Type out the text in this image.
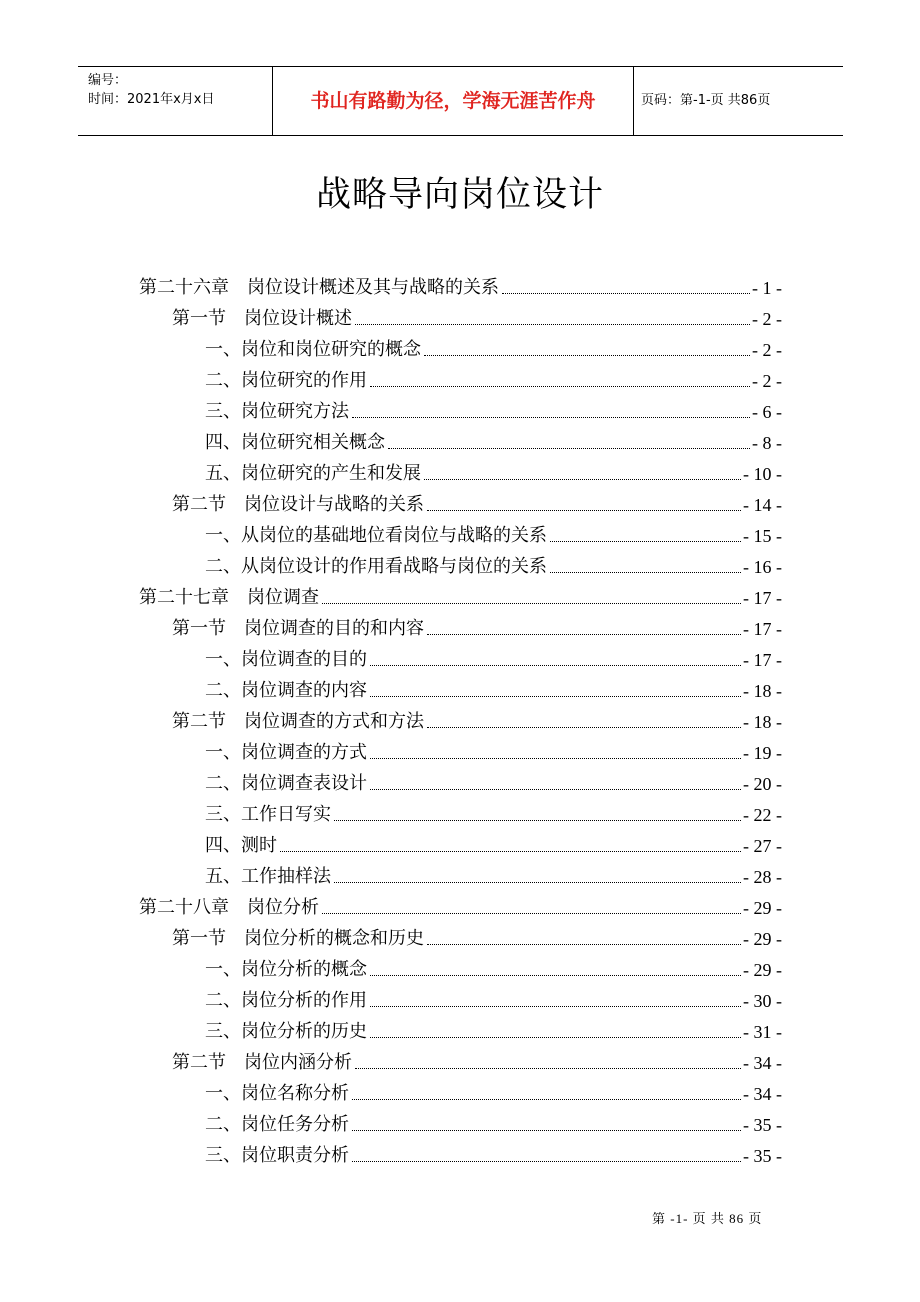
编号：
时间：2021年x月x日	书山有路勤为径，学海无涯苦作舟	页码：第-1-页 共86页
战略导向岗位设计
第二十六章　岗位设计概述及其与战略的关系	- 1 -
第一节　岗位设计概述	- 2 -
一、岗位和岗位研究的概念	- 2 -
二、岗位研究的作用	- 2 -
三、岗位研究方法	- 6 -
四、岗位研究相关概念	- 8 -
五、岗位研究的产生和发展	- 10 -
第二节　岗位设计与战略的关系	- 14 -
一、从岗位的基础地位看岗位与战略的关系	- 15 -
二、从岗位设计的作用看战略与岗位的关系	- 16 -
第二十七章　岗位调查	- 17 -
第一节　岗位调查的目的和内容	- 17 -
一、岗位调查的目的	- 17 -
二、岗位调查的内容	- 18 -
第二节　岗位调查的方式和方法	- 18 -
一、岗位调查的方式	- 19 -
二、岗位调查表设计	- 20 -
三、工作日写实	- 22 -
四、测时	- 27 -
五、工作抽样法	- 28 -
第二十八章　岗位分析	- 29 -
第一节　岗位分析的概念和历史	- 29 -
一、岗位分析的概念	- 29 -
二、岗位分析的作用	- 30 -
三、岗位分析的历史	- 31 -
第二节　岗位内涵分析	- 34 -
一、岗位名称分析	- 34 -
二、岗位任务分析	- 35 -
三、岗位职责分析	- 35 -
第 -1- 页 共 86 页
